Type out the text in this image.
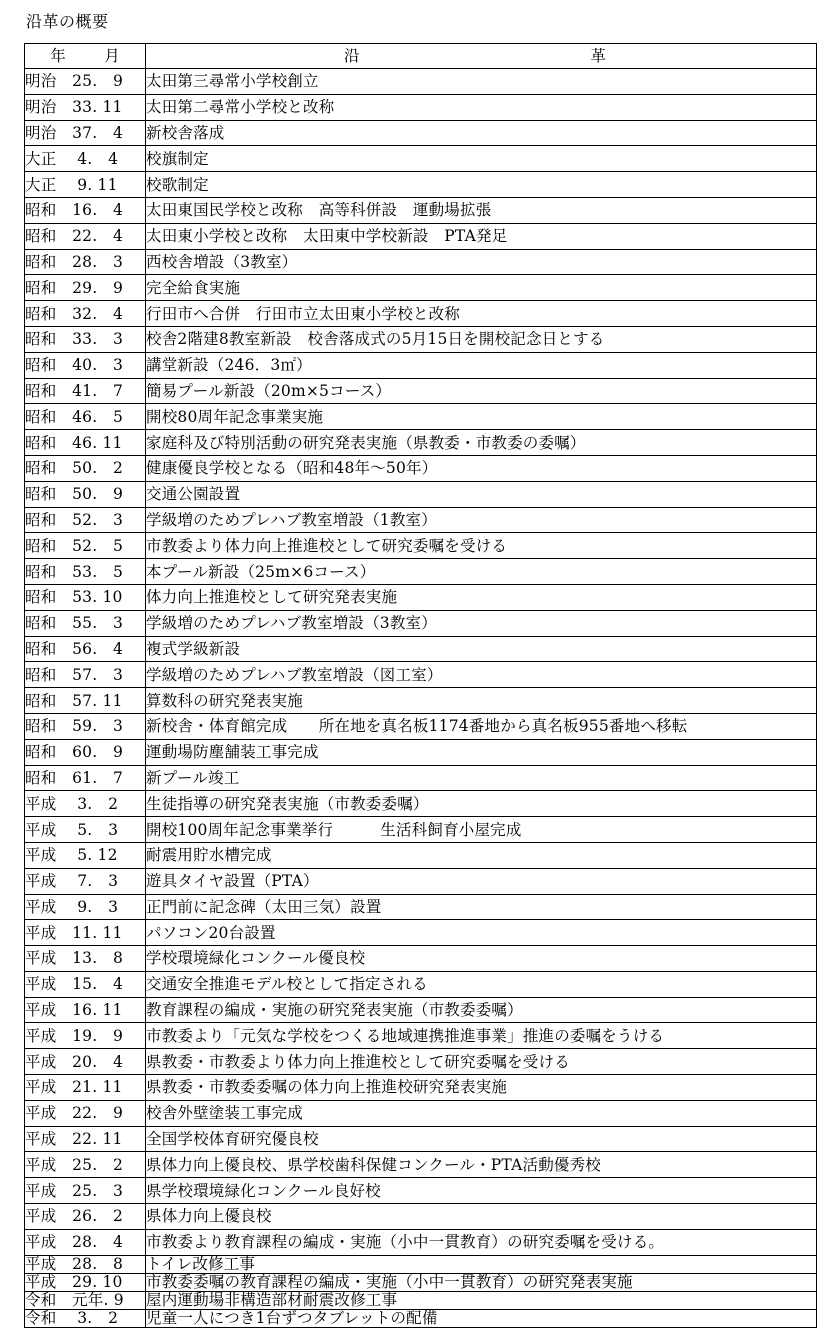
沿革の概要
年　 月	沿 革

明治　25.　9	太田第三尋常小学校創立
明治　33. 11	太田第二尋常小学校と改称
明治　37.　4	新校舎落成
大正　 4.　4	校旗制定
大正　 9. 11	校歌制定
昭和　16.　4	太田東国民学校と改称　高等科併設　運動場拡張
昭和　22.　4	太田東小学校と改称　太田東中学校新設　PTA発足
昭和　28.　3	西校舎増設（3教室）
昭和　29.　9	完全給食実施
昭和　32.　4	行田市へ合併　行田市立太田東小学校と改称
昭和　33.　3	校舎2階建8教室新設　校舎落成式の5月15日を開校記念日とする
昭和　40.　3	講堂新設（246．3㎡）
昭和　41.　7	簡易プール新設（20m×5コース）
昭和　46.　5	開校80周年記念事業実施
昭和　46. 11	家庭科及び特別活動の研究発表実施（県教委・市教委の委嘱）
昭和　50.　2	健康優良学校となる（昭和48年～50年）
昭和　50.　9	交通公園設置
昭和　52.　3	学級増のためプレハブ教室増設（1教室）
昭和　52.　5	市教委より体力向上推進校として研究委嘱を受ける
昭和　53.　5	本プール新設（25m×6コース）
昭和　53. 10	体力向上推進校として研究発表実施
昭和　55.　3	学級増のためプレハブ教室増設（3教室）
昭和　56.　4	複式学級新設
昭和　57.　3	学級増のためプレハブ教室増設（図工室）
昭和　57. 11	算数科の研究発表実施
昭和　59.　3	新校舎・体育館完成　　所在地を真名板1174番地から真名板955番地へ移転
昭和　60.　9	運動場防塵舗装工事完成
昭和　61.　7	新プール竣工
平成　 3.　2	生徒指導の研究発表実施（市教委委嘱）
平成　 5.　3	開校100周年記念事業挙行　　　生活科飼育小屋完成
平成　 5. 12	耐震用貯水槽完成
平成　 7.　3	遊具タイヤ設置（PTA）
平成　 9.　3	正門前に記念碑（太田三気）設置
平成　11. 11	パソコン20台設置
平成　13.　8	学校環境緑化コンクール優良校
平成　15.　4	交通安全推進モデル校として指定される
平成　16. 11	教育課程の編成・実施の研究発表実施（市教委委嘱）
平成　19.　9	市教委より「元気な学校をつくる地域連携推進事業」推進の委嘱をうける
平成　20.　4	県教委・市教委より体力向上推進校として研究委嘱を受ける
平成　21. 11	県教委・市教委委嘱の体力向上推進校研究発表実施
平成　22.　9	校舎外壁塗装工事完成
平成　22. 11	全国学校体育研究優良校
平成　25.　2	県体力向上優良校、県学校歯科保健コンクール・PTA活動優秀校
平成　25.　3	県学校環境緑化コンクール良好校
平成　26.　2	県体力向上優良校
平成　28.　4	市教委より教育課程の編成・実施（小中一貫教育）の研究委嘱を受ける。
平成　28.　8	トイレ改修工事
平成　29. 10	市教委委嘱の教育課程の編成・実施（小中一貫教育）の研究発表実施
令和　元年. 9	屋内運動場非構造部材耐震改修工事
令和　 3.　2	児童一人につき1台ずつタブレットの配備
